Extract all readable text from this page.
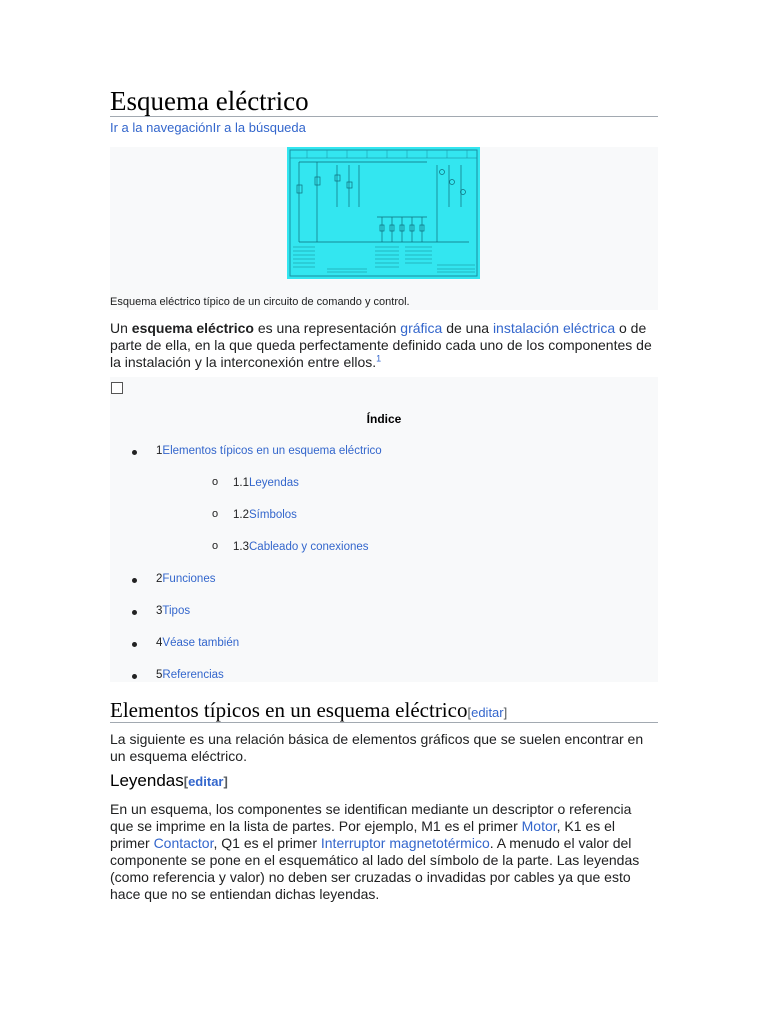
Esquema eléctrico
Ir a la navegaciónIr a la búsqueda
Esquema eléctrico típico de un circuito de comando y control.

Un esquema eléctrico es una representación gráfica de una instalación eléctrica o de parte de ella, en la que queda perfectamente definido cada uno de los componentes de la instalación y la interconexión entre ellos.$^1$

Índice
1Elementos típicos en un esquema eléctrico
o 1.1Leyendas
o 1.2Símbolos
o 1.3Cableado y conexiones
2Funciones
3Tipos
4Véase también
5Referencias
Elementos típicos en un esquema eléctrico[editar]

La siguiente es una relación básica de elementos gráficos que se suelen encontrar en un esquema eléctrico.

Leyendas[editar]

En un esquema, los componentes se identifican mediante un descriptor o referencia que se imprime en la lista de partes. Por ejemplo, M1 es el primer Motor, K1 es el primer Contactor, Q1 es el primer Interruptor magnetotérmico. A menudo el valor del componente se pone en el esquemático al lado del símbolo de la parte. Las leyendas (como referencia y valor) no deben ser cruzadas o invadidas por cables ya que esto hace que no se entiendan dichas leyendas.
